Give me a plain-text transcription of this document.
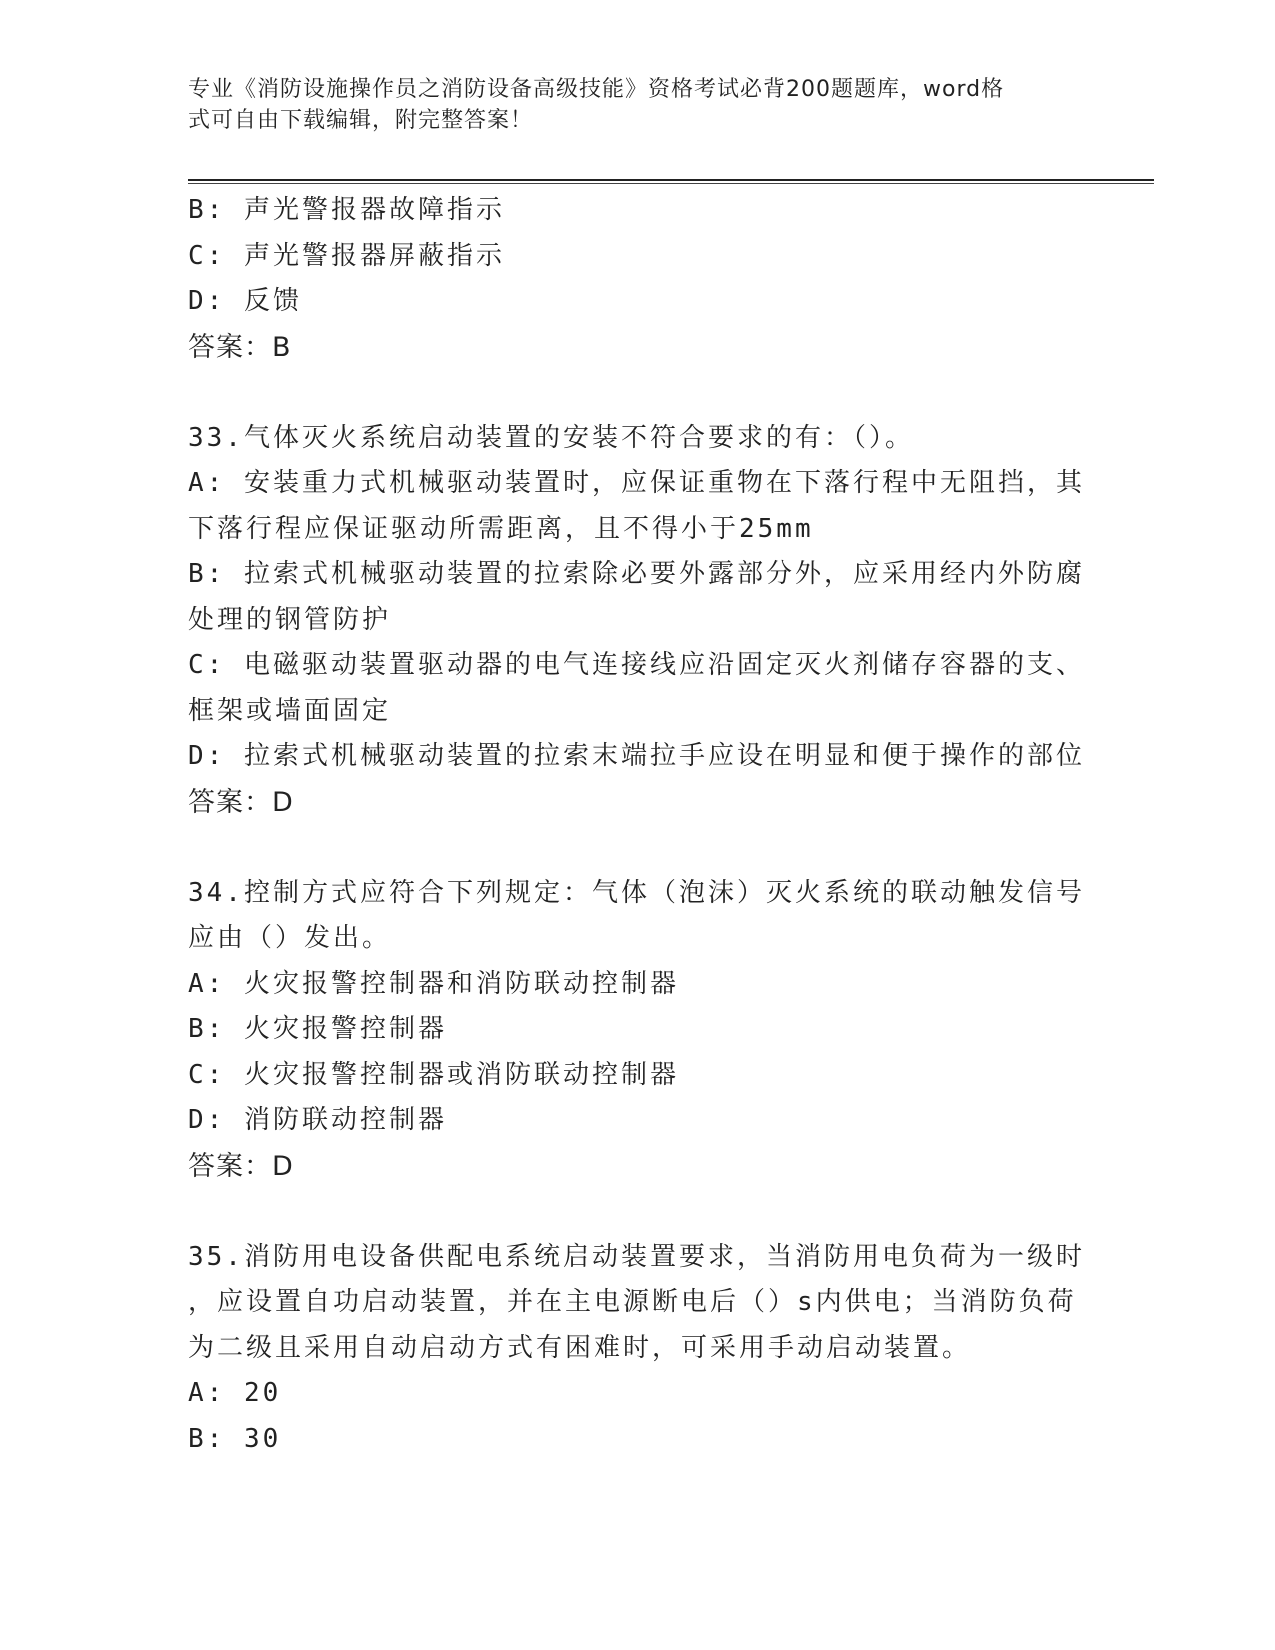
专业《消防设施操作员之消防设备高级技能》资格考试必背200题题库，word格
式可自由下载编辑，附完整答案！
B: 声光警报器故障指示
C: 声光警报器屏蔽指示
D: 反馈
答案：B
33.气体灭火系统启动装置的安装不符合要求的有：（）。
A: 安装重力式机械驱动装置时，应保证重物在下落行程中无阻挡，其
下落行程应保证驱动所需距离，且不得小于25mm
B: 拉索式机械驱动装置的拉索除必要外露部分外，应采用经内外防腐
处理的钢管防护
C: 电磁驱动装置驱动器的电气连接线应沿固定灭火剂储存容器的支、
框架或墙面固定
D: 拉索式机械驱动装置的拉索末端拉手应设在明显和便于操作的部位
答案：D
34.控制方式应符合下列规定：气体（泡沫）灭火系统的联动触发信号
应由（）发出。
A: 火灾报警控制器和消防联动控制器
B: 火灾报警控制器
C: 火灾报警控制器或消防联动控制器
D: 消防联动控制器
答案：D
35.消防用电设备供配电系统启动装置要求，当消防用电负荷为一级时
，应设置自功启动装置，并在主电源断电后（）s内供电；当消防负荷
为二级且采用自动启动方式有困难时，可采用手动启动装置。
A: 20
B: 30
